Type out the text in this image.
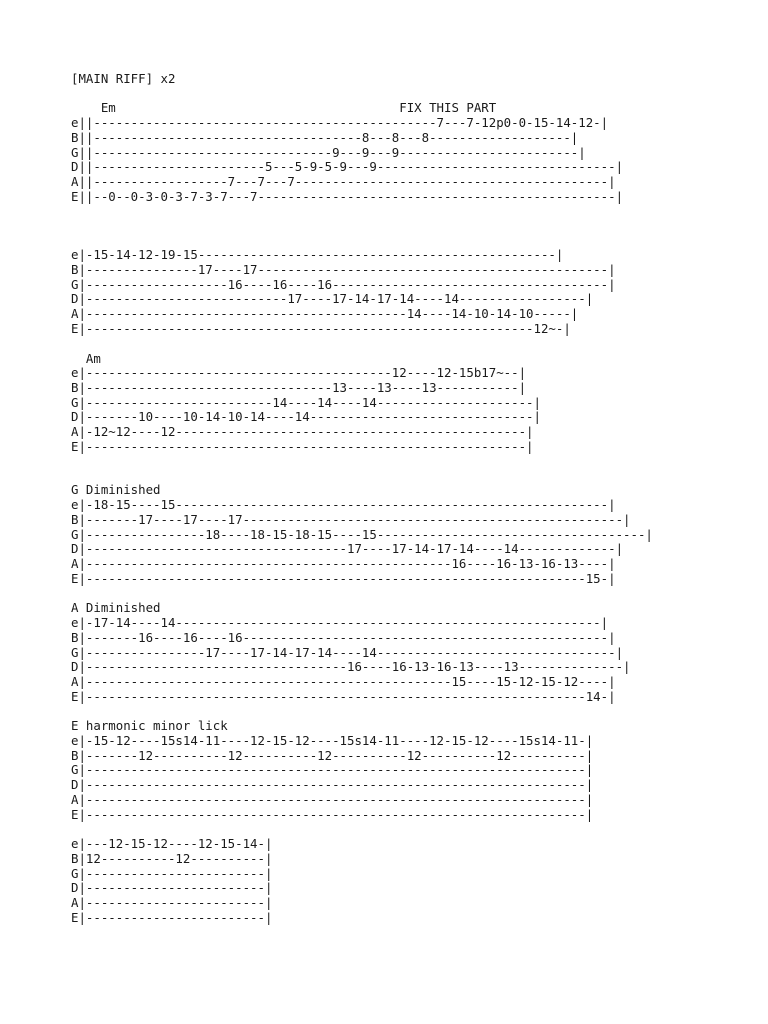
[MAIN RIFF] x2

Em                                      FIX THIS PART
e||----------------------------------------------7---7-12p0-0-15-14-12-|
B||------------------------------------8---8---8-------------------|
G||--------------------------------9---9---9------------------------|
D||-----------------------5---5-9-5-9---9--------------------------------|
A||------------------7---7---7------------------------------------------|
E||--0--0-3-0-3-7-3-7---7------------------------------------------------|
e|-15-14-12-19-15------------------------------------------------|
B|---------------17----17-----------------------------------------------|
G|-------------------16----16----16-------------------------------------|
D|---------------------------17----17-14-17-14----14-----------------|
A|-------------------------------------------14----14-10-14-10-----|
E|------------------------------------------------------------12~-|
Am
e|-----------------------------------------12----12-15b17~--|
B|---------------------------------13----13----13-----------|
G|-------------------------14----14----14---------------------|
D|-------10----10-14-10-14----14------------------------------|
A|-12~12----12-----------------------------------------------|
E|-----------------------------------------------------------|
G Diminished
e|-18-15----15----------------------------------------------------------|
B|-------17----17----17---------------------------------------------------|
G|----------------18----18-15-18-15----15------------------------------------|
D|-----------------------------------17----17-14-17-14----14-------------|
A|-------------------------------------------------16----16-13-16-13----|
E|-------------------------------------------------------------------15-|
A Diminished
e|-17-14----14---------------------------------------------------------|
B|-------16----16----16-------------------------------------------------|
G|----------------17----17-14-17-14----14--------------------------------|
D|-----------------------------------16----16-13-16-13----13--------------|
A|-------------------------------------------------15----15-12-15-12----|
E|-------------------------------------------------------------------14-|
E harmonic minor lick
e|-15-12----15s14-11----12-15-12----15s14-11----12-15-12----15s14-11-|
B|-------12----------12----------12----------12----------12----------|
G|-------------------------------------------------------------------|
D|-------------------------------------------------------------------|
A|-------------------------------------------------------------------|
E|-------------------------------------------------------------------|
e|---12-15-12----12-15-14-|
B|12----------12----------|
G|------------------------|
D|------------------------|
A|------------------------|
E|------------------------|
